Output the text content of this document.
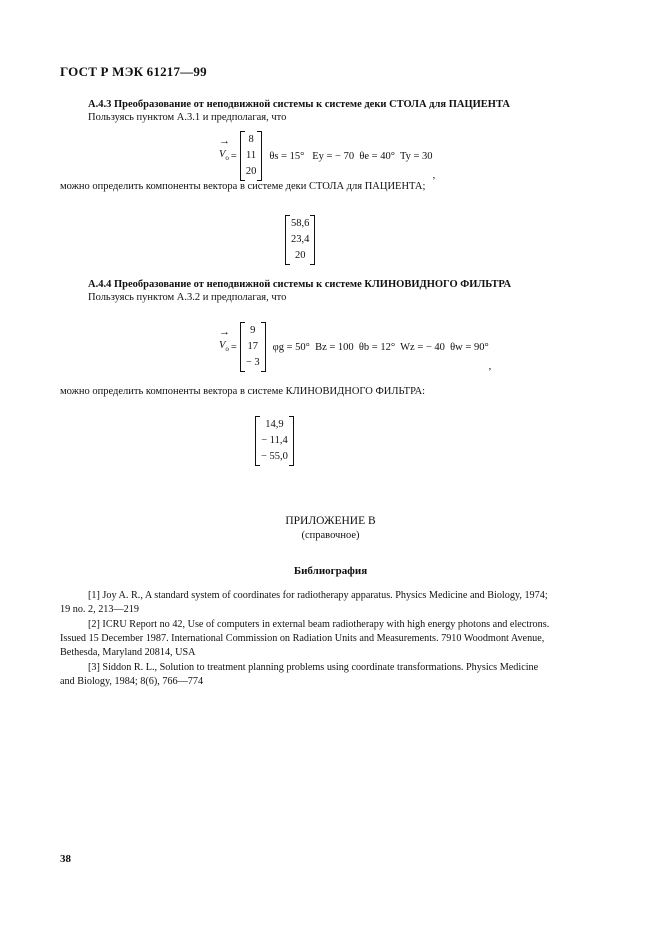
ГОСТ Р МЭК 61217—99
А.4.3 Преобразование от неподвижной системы к системе деки СТОЛА для ПАЦИЕНТА
Пользуясь пунктом А.3.1 и предполагая, что
→
$V_o$ =
8
11
20
θs = 15°   Ey = − 70  θe = 40°  Ty = 30
,
можно определить компоненты вектора в системе деки СТОЛА для ПАЦИЕНТА;
58,6
23,4
20
А.4.4 Преобразование от неподвижной системы к системе КЛИНОВИДНОГО ФИЛЬТРА
Пользуясь пунктом А.3.2 и предполагая, что
→
$V_o$ =
9
17
− 3
φg = 50°  Bz = 100  θb = 12°  Wz = − 40  θw = 90°
,
можно определить компоненты вектора в системе КЛИНОВИДНОГО ФИЛЬТРА:
14,9
− 11,4
− 55,0
ПРИЛОЖЕНИЕ В
(справочное)
Библиография
[1] Joy A. R., A standard system of coordinates for radiotherapy apparatus. Physics Medicine and Biology, 1974;
19 no. 2, 213—219
[2] ICRU Report no 42, Use of computers in external beam radiotherapy with high energy photons and electrons.
Issued 15 December 1987. International Commission on Radiation Units and Measurements. 7910 Woodmont Avenue,
Bethesda, Maryland 20814, USA
[3] Siddon R. L., Solution to treatment planning problems using coordinate transformations. Physics Medicine
and Biology, 1984; 8(6), 766—774
38
